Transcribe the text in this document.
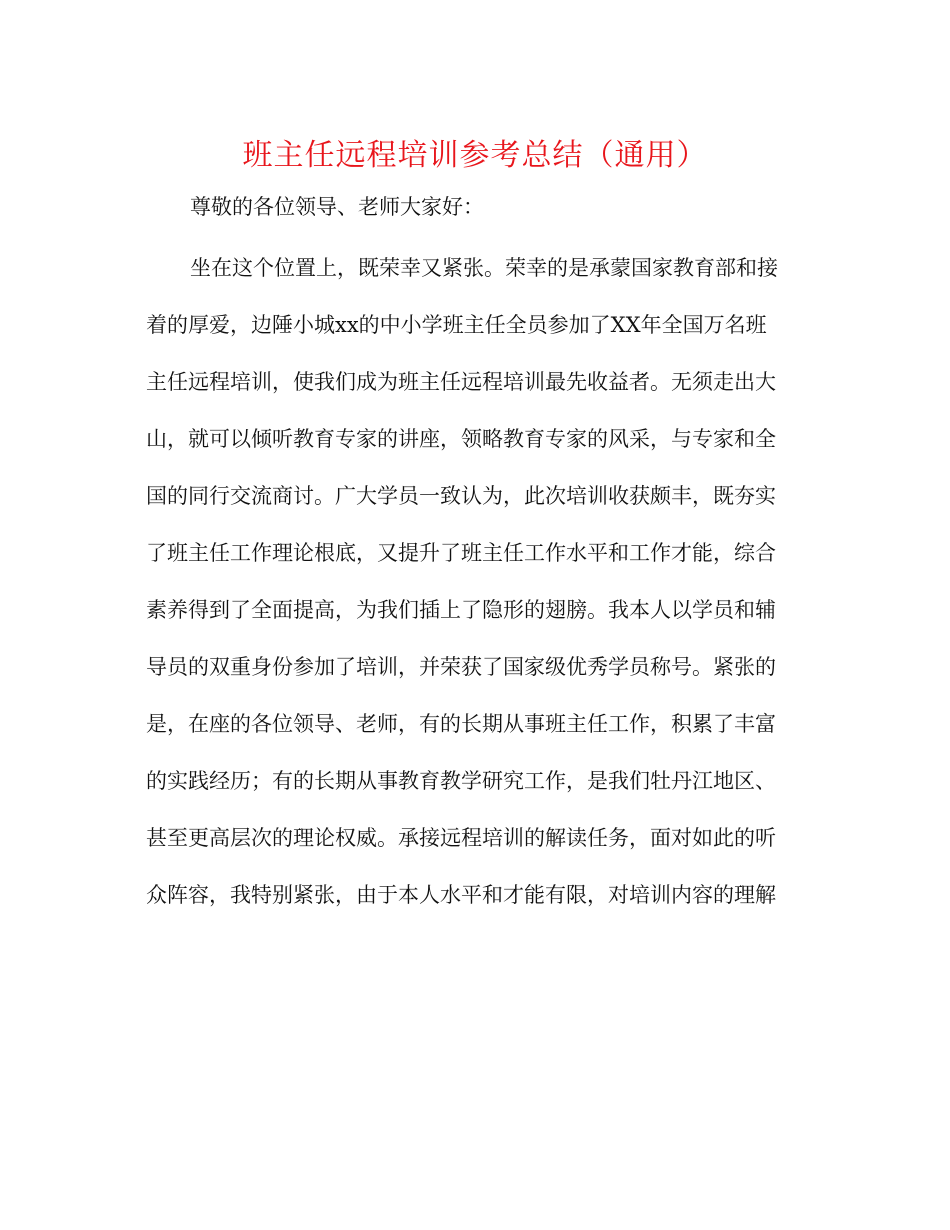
班主任远程培训参考总结（通用）

尊敬的各位领导、老师大家好：

坐在这个位置上，既荣幸又紧张。荣幸的是承蒙国家教育部和接
着的厚爱，边陲小城xx的中小学班主任全员参加了XX年全国万名班
主任远程培训，使我们成为班主任远程培训最先收益者。无须走出大
山，就可以倾听教育专家的讲座，领略教育专家的风采，与专家和全
国的同行交流商讨。广大学员一致认为，此次培训收获颇丰，既夯实
了班主任工作理论根底，又提升了班主任工作水平和工作才能，综合
素养得到了全面提高，为我们插上了隐形的翅膀。我本人以学员和辅
导员的双重身份参加了培训，并荣获了国家级优秀学员称号。紧张的
是，在座的各位领导、老师，有的长期从事班主任工作，积累了丰富
的实践经历；有的长期从事教育教学研究工作，是我们牡丹江地区、
甚至更高层次的理论权威。承接远程培训的解读任务，面对如此的听
众阵容，我特别紧张，由于本人水平和才能有限，对培训内容的理解
